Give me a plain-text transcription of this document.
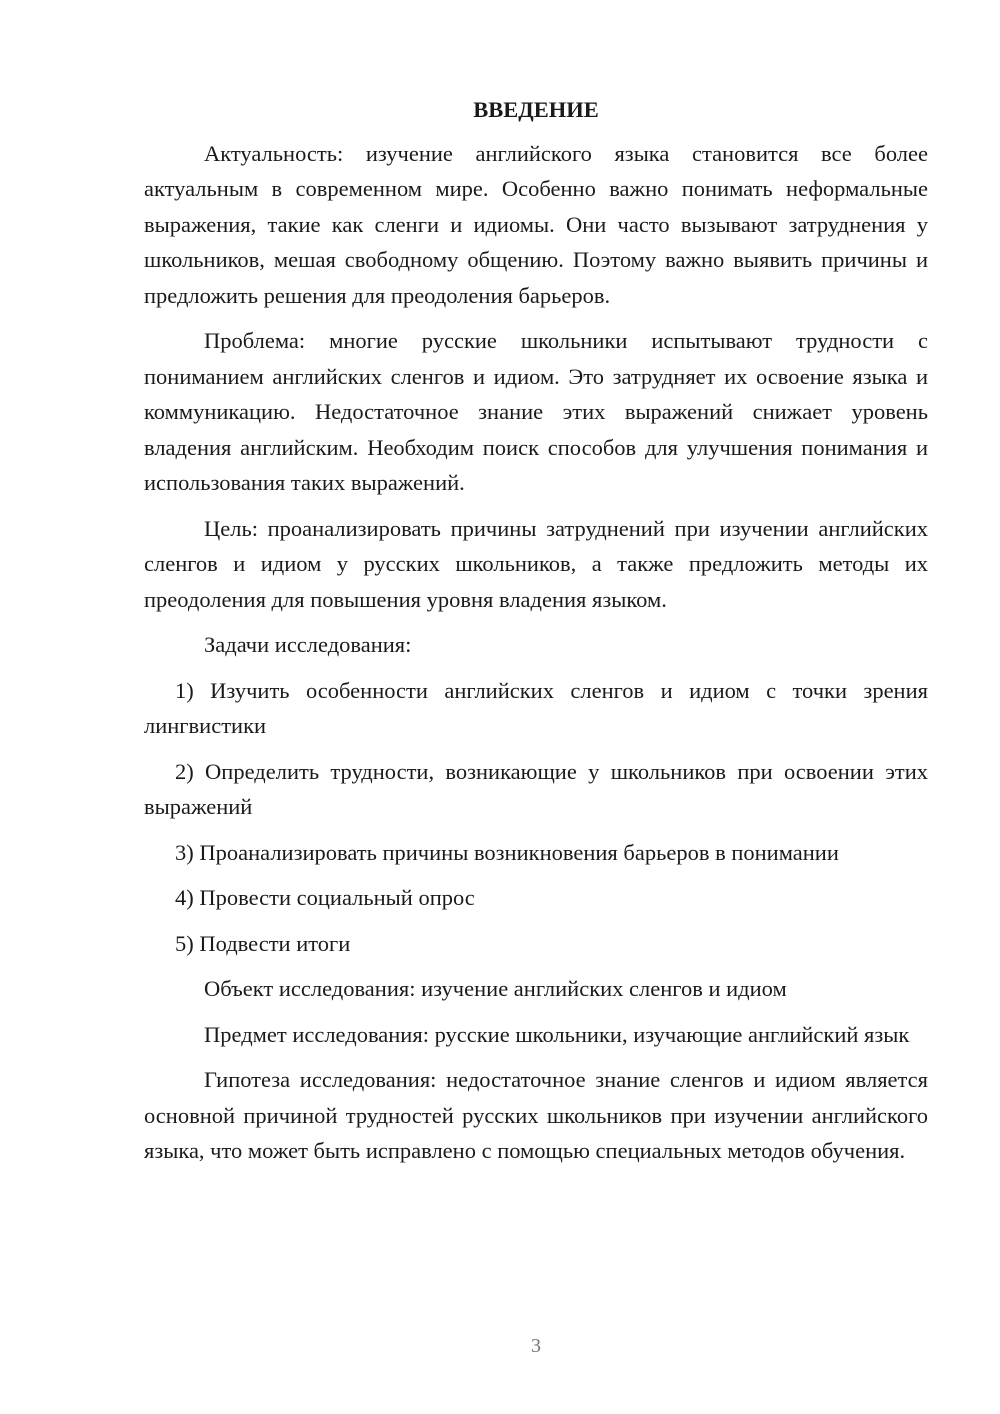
ВВЕДЕНИЕ

Актуальность: изучение английского языка становится все более актуальным в современном мире. Особенно важно понимать неформальные выражения, такие как сленги и идиомы. Они часто вызывают затруднения у школьников, мешая свободному общению. Поэтому важно выявить причины и предложить решения для преодоления барьеров.

Проблема: многие русские школьники испытывают трудности с пониманием английских сленгов и идиом. Это затрудняет их освоение языка и коммуникацию. Недостаточное знание этих выражений снижает уровень владения английским. Необходим поиск способов для улучшения понимания и использования таких выражений.

Цель: проанализировать причины затруднений при изучении английских сленгов и идиом у русских школьников, а также предложить методы их преодоления для повышения уровня владения языком.

Задачи исследования:

1) Изучить особенности английских сленгов и идиом с точки зрения лингвистики

2) Определить трудности, возникающие у школьников при освоении этих выражений

3) Проанализировать причины возникновения барьеров в понимании

4) Провести социальный опрос

5) Подвести итоги

Объект исследования: изучение английских сленгов и идиом

Предмет исследования: русские школьники, изучающие английский язык

Гипотеза исследования: недостаточное знание сленгов и идиом является основной причиной трудностей русских школьников при изучении английского языка, что может быть исправлено с помощью специальных методов обучения.

3
